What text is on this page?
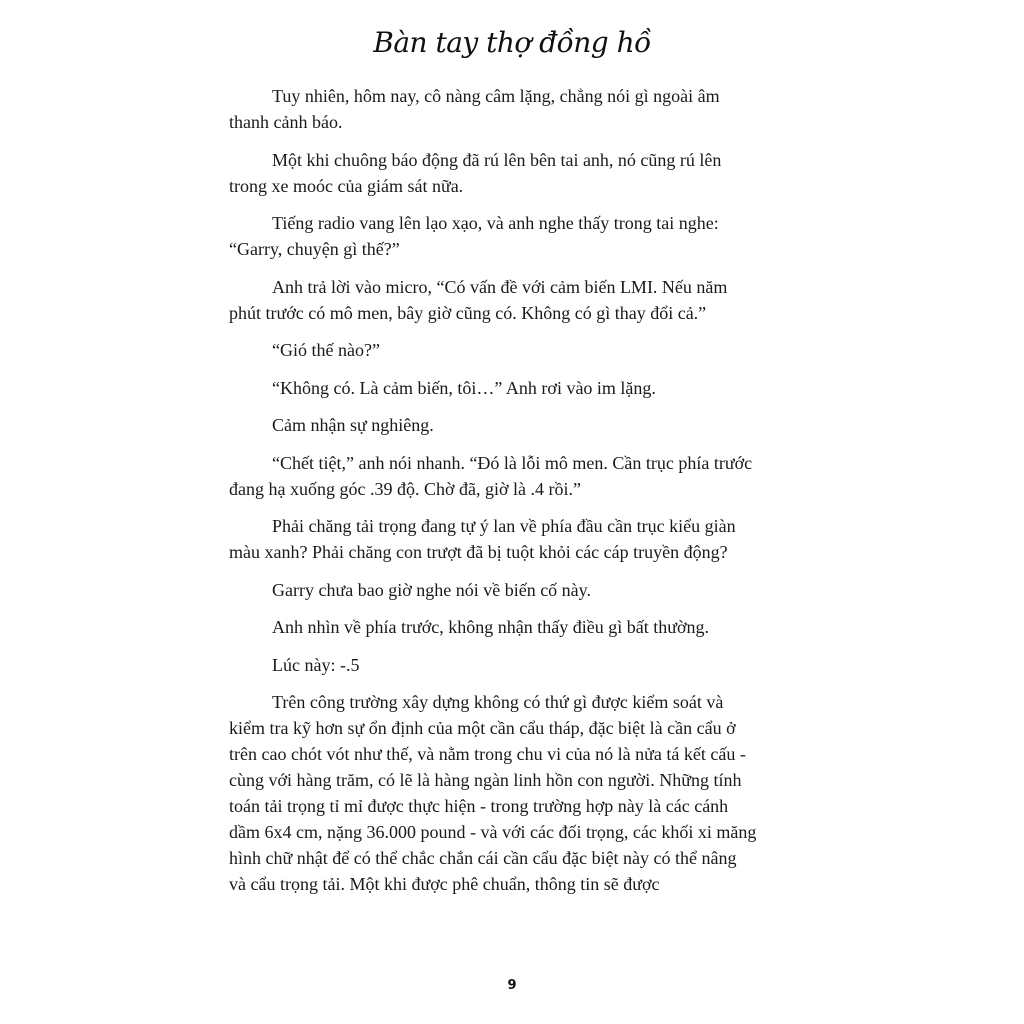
Bàn tay thợ đồng hồ

Tuy nhiên, hôm nay, cô nàng câm lặng, chẳng nói gì ngoài âm thanh cảnh báo.

Một khi chuông báo động đã rú lên bên tai anh, nó cũng rú lên trong xe moóc của giám sát nữa.

Tiếng radio vang lên lạo xạo, và anh nghe thấy trong tai nghe: “Garry, chuyện gì thế?”

Anh trả lời vào micro, “Có vấn đề với cảm biến LMI. Nếu năm phút trước có mô men, bây giờ cũng có. Không có gì thay đổi cả.”

“Gió thế nào?”

“Không có. Là cảm biến, tôi…” Anh rơi vào im lặng.

Cảm nhận sự nghiêng.

“Chết tiệt,” anh nói nhanh. “Đó là lỗi mô men. Cần trục phía trước đang hạ xuống góc .39 độ. Chờ đã, giờ là .4 rồi.”

Phải chăng tải trọng đang tự ý lan về phía đầu cần trục kiểu giàn màu xanh? Phải chăng con trượt đã bị tuột khỏi các cáp truyền động?

Garry chưa bao giờ nghe nói về biến cố này.

Anh nhìn về phía trước, không nhận thấy điều gì bất thường.

Lúc này: -.5

Trên công trường xây dựng không có thứ gì được kiểm soát và kiểm tra kỹ hơn sự ổn định của một cần cẩu tháp, đặc biệt là cần cẩu ở trên cao chót vót như thế, và nằm trong chu vi của nó là nửa tá kết cấu - cùng với hàng trăm, có lẽ là hàng ngàn linh hồn con người. Những tính toán tải trọng tỉ mỉ được thực hiện - trong trường hợp này là các cánh dầm 6x4 cm, nặng 36.000 pound - và với các đối trọng, các khối xi măng hình chữ nhật để có thể chắc chắn cái cần cẩu đặc biệt này có thể nâng và cẩu trọng tải. Một khi được phê chuẩn, thông tin sẽ được

9
